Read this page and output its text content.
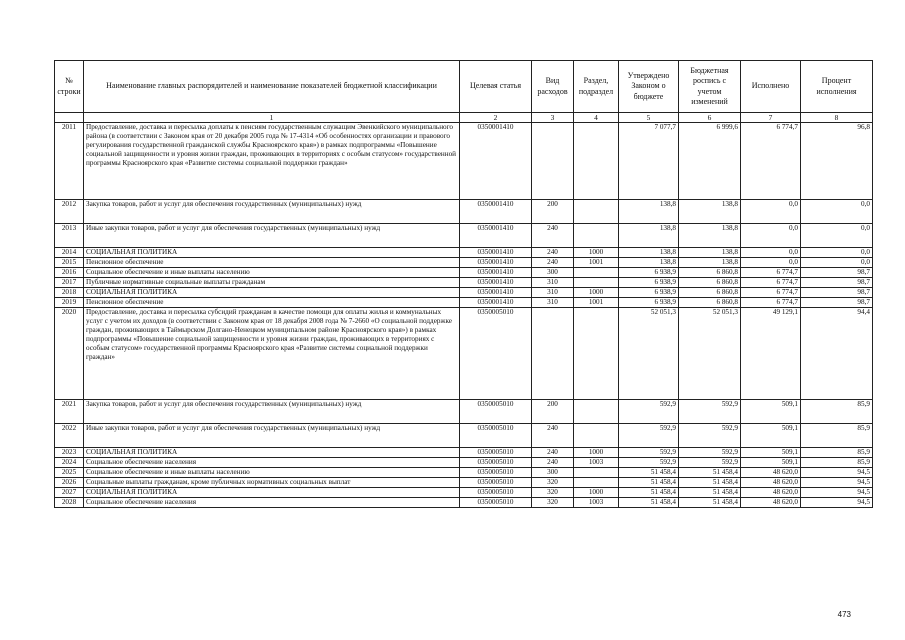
№ строки	Наименование главных распорядителей и наименование показателей бюджетной классификации	Целевая статья	Вид расходов	Раздел, подраздел	Утверждено Законом о бюджете	Бюджетная роспись с учетом изменений	Исполнено	Процент исполнения
	1	2	3	4	5	6	7	8
2011	Предоставление, доставка и пересылка доплаты к пенсиям государственным служащим Эвенкийского муниципального района (в соответствии с Законом края от 20 декабря 2005 года № 17-4314 «Об особенностях организации и правового регулирования государственной гражданской службы Красноярского края») в рамках подпрограммы «Повышение социальной защищенности и уровня жизни граждан, проживающих в территориях с особым статусом» государственной программы Красноярского края «Развитие системы социальной поддержки граждан»	0350001410			7 077,7	6 999,6	6 774,7	96,8
2012	Закупка товаров, работ и услуг для обеспечения государственных (муниципальных) нужд	0350001410	200		138,8	138,8	0,0	0,0
2013	Иные закупки товаров, работ и услуг для обеспечения государственных (муниципальных) нужд	0350001410	240		138,8	138,8	0,0	0,0
2014	СОЦИАЛЬНАЯ ПОЛИТИКА	0350001410	240	1000	138,8	138,8	0,0	0,0
2015	Пенсионное обеспечение	0350001410	240	1001	138,8	138,8	0,0	0,0
2016	Социальное обеспечение и иные выплаты населению	0350001410	300		6 938,9	6 860,8	6 774,7	98,7
2017	Публичные нормативные социальные выплаты гражданам	0350001410	310		6 938,9	6 860,8	6 774,7	98,7
2018	СОЦИАЛЬНАЯ ПОЛИТИКА	0350001410	310	1000	6 938,9	6 860,8	6 774,7	98,7
2019	Пенсионное обеспечение	0350001410	310	1001	6 938,9	6 860,8	6 774,7	98,7
2020	Предоставление, доставка и пересылка субсидий гражданам в качестве помощи для оплаты жилья и коммунальных услуг с учетом их доходов (в соответствии с Законом края от 18 декабря 2008 года № 7-2660 «О социальной поддержке граждан, проживающих в Таймырском Долгано-Ненецком муниципальном районе Красноярского края») в рамках подпрограммы «Повышение социальной защищенности и уровня жизни граждан, проживающих в территориях с особым статусом» государственной программы Красноярского края «Развитие системы социальной поддержки граждан»	0350005010			52 051,3	52 051,3	49 129,1	94,4
2021	Закупка товаров, работ и услуг для обеспечения государственных (муниципальных) нужд	0350005010	200		592,9	592,9	509,1	85,9
2022	Иные закупки товаров, работ и услуг для обеспечения государственных (муниципальных) нужд	0350005010	240		592,9	592,9	509,1	85,9
2023	СОЦИАЛЬНАЯ ПОЛИТИКА	0350005010	240	1000	592,9	592,9	509,1	85,9
2024	Социальное обеспечение населения	0350005010	240	1003	592,9	592,9	509,1	85,9
2025	Социальное обеспечение и иные выплаты населению	0350005010	300		51 458,4	51 458,4	48 620,0	94,5
2026	Социальные выплаты гражданам, кроме публичных нормативных социальных выплат	0350005010	320		51 458,4	51 458,4	48 620,0	94,5
2027	СОЦИАЛЬНАЯ ПОЛИТИКА	0350005010	320	1000	51 458,4	51 458,4	48 620,0	94,5
2028	Социальное обеспечение населения	0350005010	320	1003	51 458,4	51 458,4	48 620,0	94,5
473
